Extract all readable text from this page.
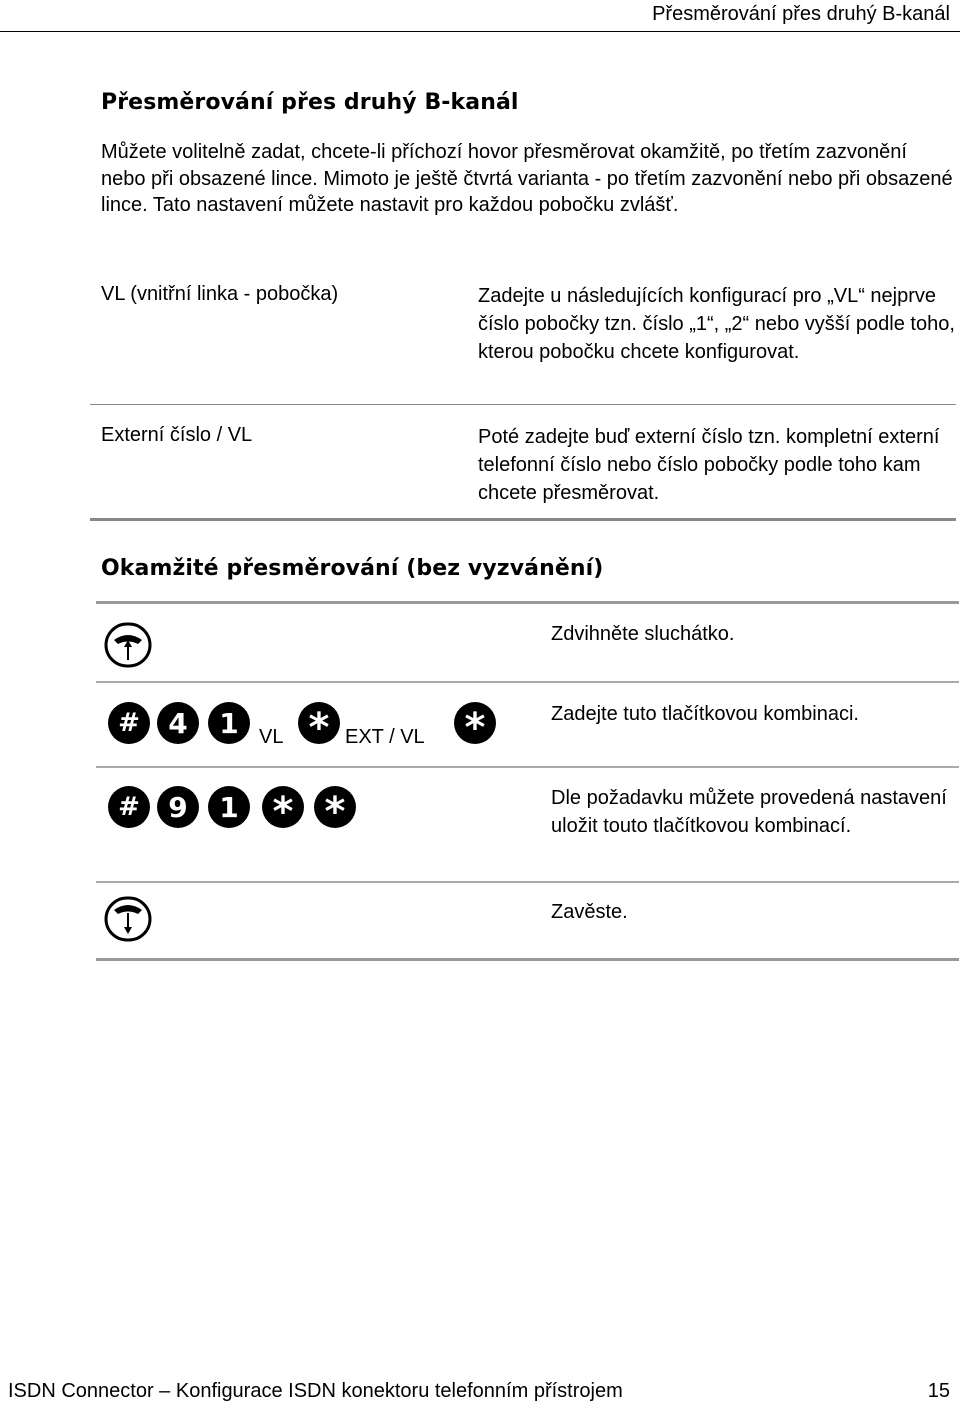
Přesměrování přes druhý B-kanál
Přesměrování přes druhý B-kanál

Můžete volitelně zadat, chcete-li příchozí hovor přesměrovat okamžitě, po třetím zazvonění nebo při obsazené lince. Mimoto je ještě čtvrtá varianta - po třetím zazvonění nebo při obsazené lince. Tato nastavení můžete nastavit pro každou pobočku zvlášť.

VL (vnitřní linka - pobočka)	Zadejte u následujících konfigurací pro „VL“ nejprve číslo pobočky tzn. číslo „1“, „2“ nebo vyšší podle toho, kterou pobočku chcete konfigurovat.

Externí číslo / VL	Poté zadejte buď externí číslo tzn. kompletní externí telefonní číslo nebo číslo pobočky podle toho kam chcete přesměrovat.

Okamžité přesměrování (bez vyzvánění)

Zdvihněte sluchátko.

# 4 1 VL * EXT / VL *	Zadejte tuto tlačítkovou kombinaci.

# 9 1 * *	Dle požadavku můžete provedená nastavení uložit touto tlačítkovou kombinací.

Zavěste.

ISDN Connector – Konfigurace ISDN konektoru telefonním přístrojem	15
